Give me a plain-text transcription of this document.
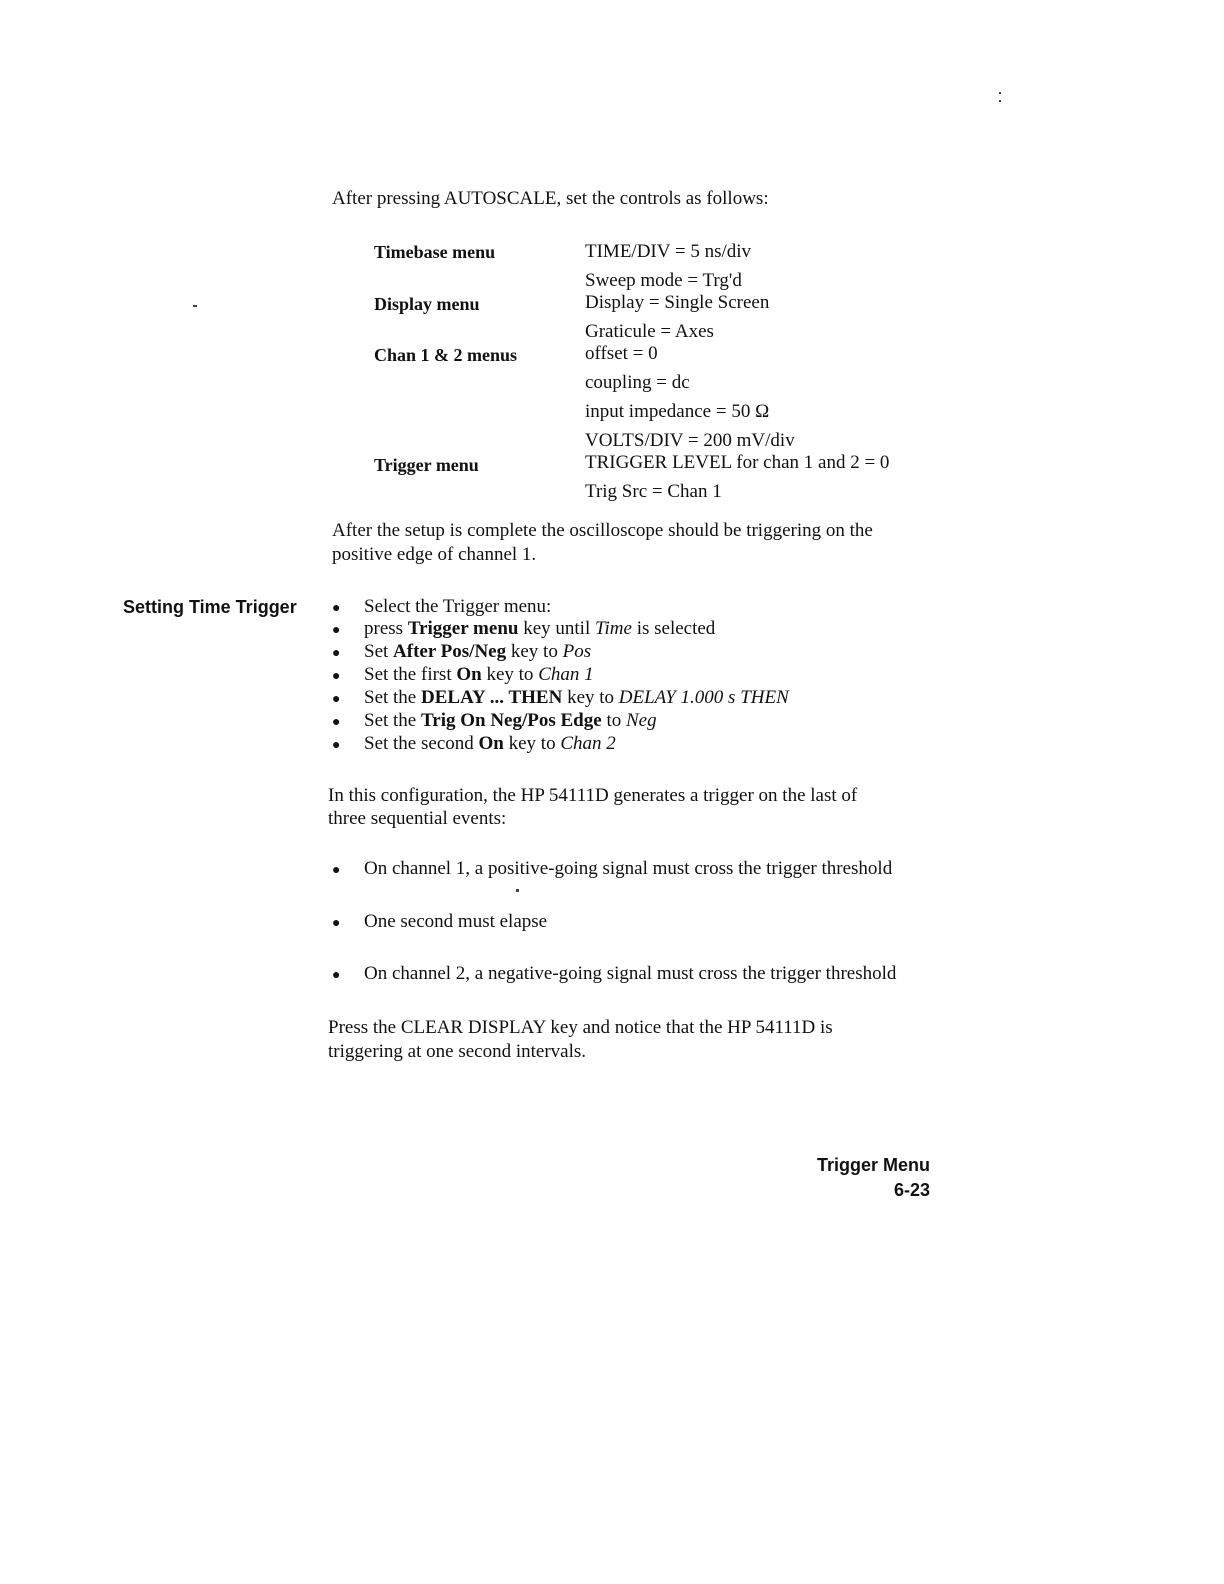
After pressing AUTOSCALE, set the controls as follows:
Timebase menu	TIME/DIV = 5 ns/div
Sweep mode = Trg'd
Display menu	Display = Single Screen
Graticule = Axes
Chan 1 & 2 menus	offset = 0
coupling = dc
input impedance = 50 Ω
VOLTS/DIV = 200 mV/div
Trigger menu	TRIGGER LEVEL for chan 1 and 2 = 0
Trig Src = Chan 1
After the setup is complete the oscilloscope should be triggering on the
positive edge of channel 1.
Setting Time Trigger	● Select the Trigger menu:
● press Trigger menu key until Time is selected
● Set After Pos/Neg key to Pos
● Set the first On key to Chan 1
● Set the DELAY ... THEN key to DELAY 1.000 s THEN
● Set the Trig On Neg/Pos Edge to Neg
● Set the second On key to Chan 2
In this configuration, the HP 54111D generates a trigger on the last of
three sequential events:
● On channel 1, a positive-going signal must cross the trigger threshold
● One second must elapse
● On channel 2, a negative-going signal must cross the trigger threshold
Press the CLEAR DISPLAY key and notice that the HP 54111D is
triggering at one second intervals.
Trigger Menu
6-23
